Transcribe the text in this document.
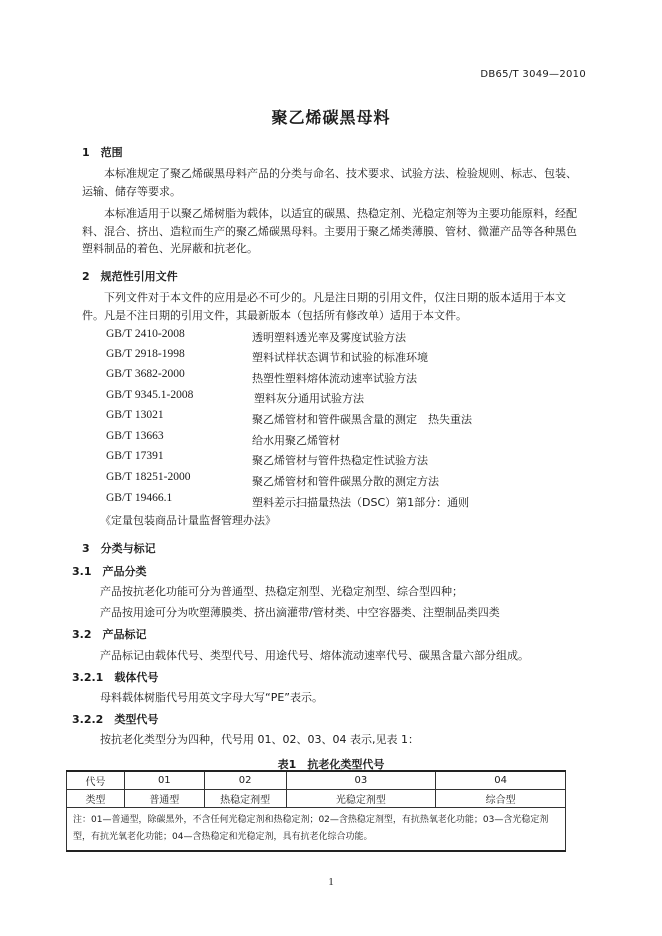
DB65/T 3049—2010
聚乙烯碳黑母料
1　范围
本标准规定了聚乙烯碳黑母料产品的分类与命名、技术要求、试验方法、检验规则、标志、包装、运输、储存等要求。
本标准适用于以聚乙烯树脂为载体，以适宜的碳黑、热稳定剂、光稳定剂等为主要功能原料，经配料、混合、挤出、造粒而生产的聚乙烯碳黑母料。主要用于聚乙烯类薄膜、管材、微灌产品等各种黑色塑料制品的着色、光屏蔽和抗老化。
2　规范性引用文件
下列文件对于本文件的应用是必不可少的。凡是注日期的引用文件，仅注日期的版本适用于本文件。凡是不注日期的引用文件，其最新版本（包括所有修改单）适用于本文件。
GB/T 2410-2008	透明塑料透光率及雾度试验方法
GB/T 2918-1998	塑料试样状态调节和试验的标准环境
GB/T 3682-2000	热塑性塑料熔体流动速率试验方法
GB/T 9345.1-2008	塑料灰分通用试验方法
GB/T 13021	聚乙烯管材和管件碳黑含量的测定　热失重法
GB/T 13663	给水用聚乙烯管材
GB/T 17391	聚乙烯管材与管件热稳定性试验方法
GB/T 18251-2000	聚乙烯管材和管件碳黑分散的测定方法
GB/T 19466.1	塑料差示扫描量热法（DSC）第1部分：通则
《定量包装商品计量监督管理办法》
3　分类与标记
3.1　产品分类
产品按抗老化功能可分为普通型、热稳定剂型、光稳定剂型、综合型四种；
产品按用途可分为吹塑薄膜类、挤出滴灌带/管材类、中空容器类、注塑制品类四类
3.2　产品标记
产品标记由载体代号、类型代号、用途代号、熔体流动速率代号、碳黑含量六部分组成。
3.2.1　载体代号
母料载体树脂代号用英文字母大写“PE”表示。
3.2.2　类型代号
按抗老化类型分为四种，代号用 01、02、03、04 表示,见表 1：
表1　抗老化类型代号
代号	01	02	03	04
类型	普通型	热稳定剂型	光稳定剂型	综合型
注：01—普通型，除碳黑外，不含任何光稳定剂和热稳定剂；02—含热稳定剂型，有抗热氧老化功能；03—含光稳定剂型，有抗光氧老化功能；04—含热稳定和光稳定剂，具有抗老化综合功能。				
1
